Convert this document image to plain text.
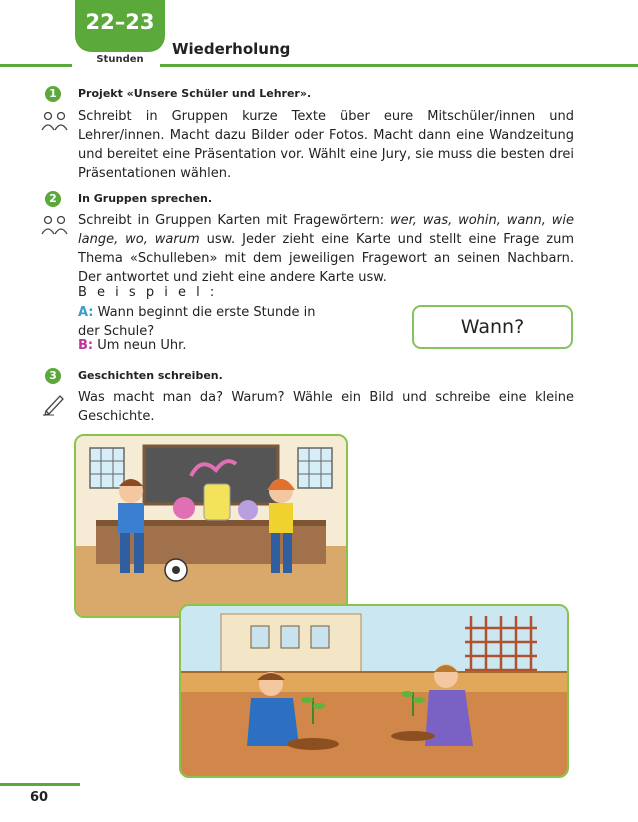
22–23
Stunden
Wiederholung
1	Projekt «Unsere Schüler und Lehrer».
Schreibt in Gruppen kurze Texte über eure Mitschüler/innen und Lehrer/innen. Macht dazu Bilder oder Fotos. Macht dann eine Wandzeitung und bereitet eine Präsentation vor. Wählt eine Jury, sie muss die besten drei Präsentationen wählen.
2	In Gruppen sprechen.
Schreibt in Gruppen Karten mit Fragewörtern: wer, was, wohin, wann, wie lange, wo, warum usw. Jeder zieht eine Karte und stellt eine Frage zum Thema «Schulleben» mit dem jeweiligen Fragewort an seinen Nachbarn. Der antwortet und zieht eine andere Karte usw.
B e i s p i e l :
A: Wann beginnt die erste Stunde in der Schule?
B: Um neun Uhr.
Wann?
3	Geschichten schreiben.
Was macht man da? Warum? Wähle ein Bild und schreibe eine kleine Geschichte.
60
